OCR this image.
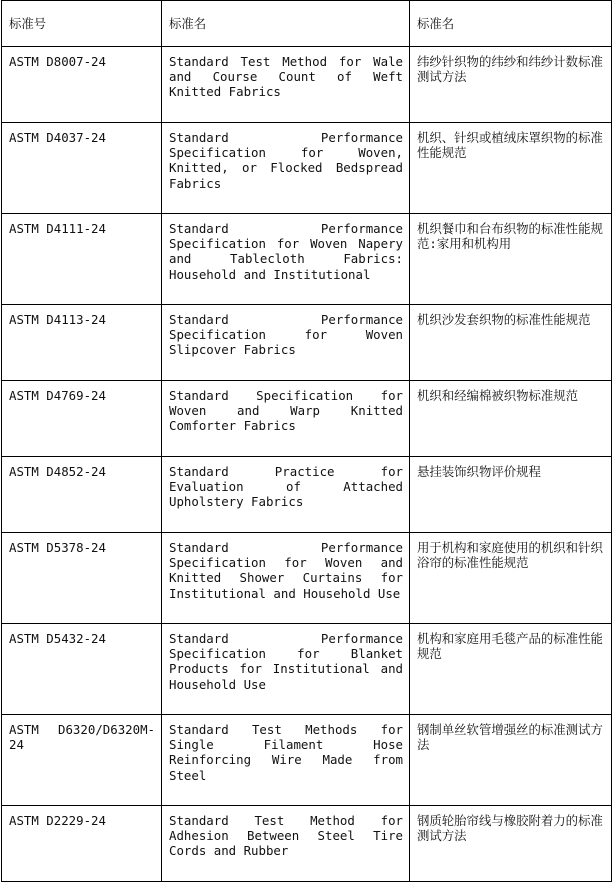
标准号	标准名	标准名
ASTM D8007-24	Standard Test Method for Wale and Course Count of Weft Knitted Fabrics	纬纱针织物的纬纱和纬纱计数标准测试方法
ASTM D4037-24	Standard Performance Specification for Woven, Knitted, or Flocked Bedspread Fabrics	机织、针织或植绒床罩织物的标准性能规范
ASTM D4111-24	Standard Performance Specification for Woven Napery and Tablecloth Fabrics: Household and Institutional	机织餐巾和台布织物的标准性能规范:家用和机构用
ASTM D4113-24	Standard Performance Specification for Woven Slipcover Fabrics	机织沙发套织物的标准性能规范
ASTM D4769-24	Standard Specification for Woven and Warp Knitted Comforter Fabrics	机织和经编棉被织物标准规范
ASTM D4852-24	Standard Practice for Evaluation of Attached Upholstery Fabrics	悬挂装饰织物评价规程
ASTM D5378-24	Standard Performance Specification for Woven and Knitted Shower Curtains for Institutional and Household Use	用于机构和家庭使用的机织和针织浴帘的标准性能规范
ASTM D5432-24	Standard Performance Specification for Blanket Products for Institutional and Household Use	机构和家庭用毛毯产品的标准性能规范
ASTM D6320/D6320M-24	Standard Test Methods for Single Filament Hose Reinforcing Wire Made from Steel	钢制单丝软管增强丝的标准测试方法
ASTM D2229-24	Standard Test Method for Adhesion Between Steel Tire Cords and Rubber	钢质轮胎帘线与橡胶附着力的标准测试方法
